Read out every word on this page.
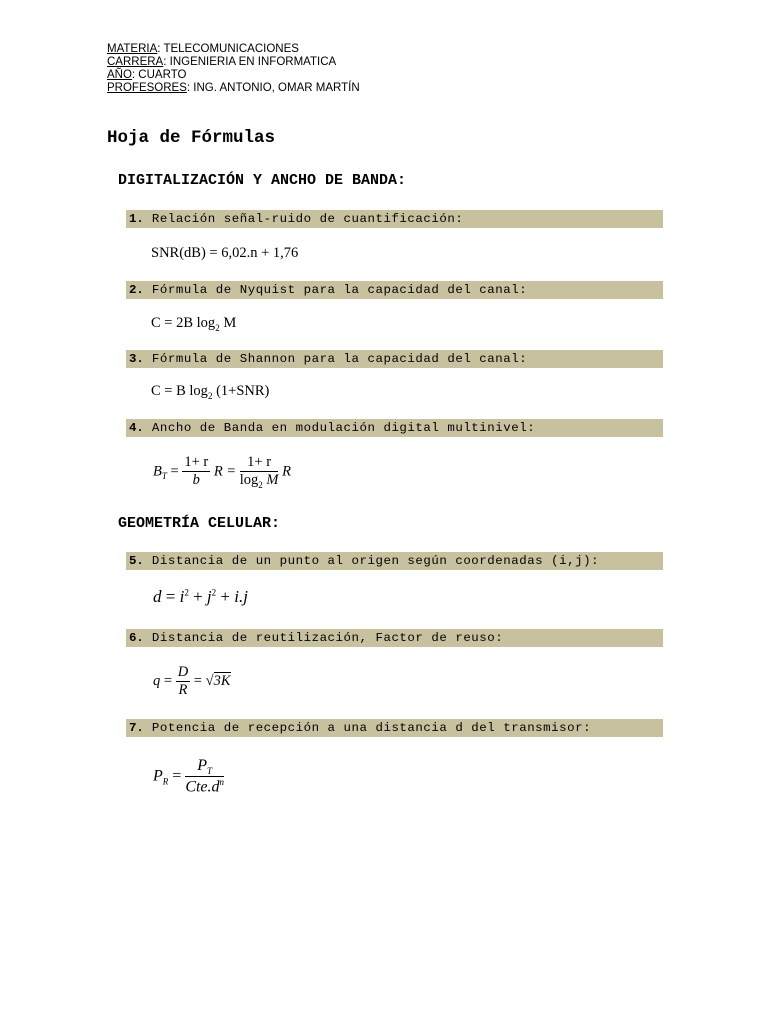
MATERIA: TELECOMUNICACIONES
CARRERA: INGENIERIA EN INFORMATICA
AÑO: CUARTO
PROFESORES: ING. ANTONIO, OMAR MARTÍN
Hoja de Fórmulas
DIGITALIZACIÓN Y ANCHO DE BANDA:
1. Relación señal-ruido de cuantificación:
SNR(dB) = 6,02.n + 1,76
2. Fórmula de Nyquist para la capacidad del canal:
C = 2B $\log_2 M$
3. Fórmula de Shannon para la capacidad del canal:
C = B $\log_2 (1+SNR)$
4. Ancho de Banda en modulación digital multinivel:
$B_T = \frac{1+ r}{b}$ $R = \frac{1+ r}{\log_2 M}$ R
GEOMETRÍA CELULAR:
5. Distancia de un punto al origen según coordenadas (i,j):
$d = i^2 + j^2 + i.j$
6. Distancia de reutilización, Factor de reuso:
$q = \frac{D}{R} = √3K$
7. Potencia de recepción a una distancia d del transmisor:
$P_R = \frac{P_T}{Cte.d^n}$
